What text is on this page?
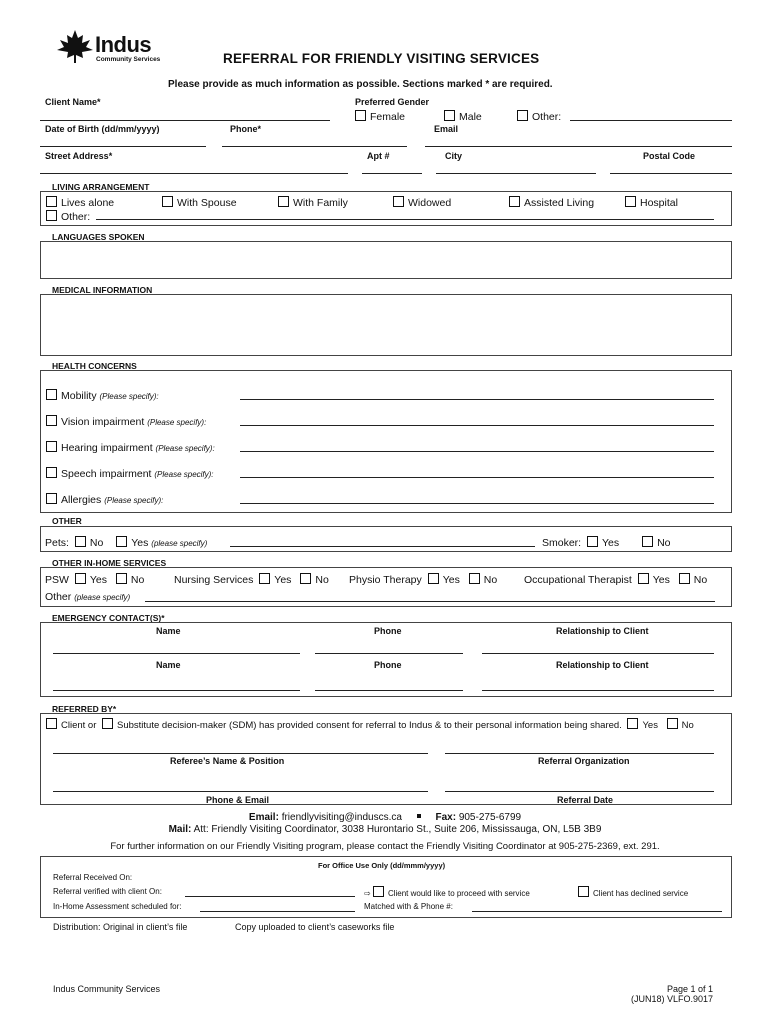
Indus
Community Services	REFERRAL FOR FRIENDLY VISITING SERVICES
Please provide as much information as possible. Sections marked * are required.
Client Name*	Preferred Gender
Female	Male	Other:
Date of Birth (dd/mm/yyyy)	Phone*	Email
Street Address*	Apt #	City	Postal Code
LIVING ARRANGEMENT
Lives alone	With Spouse	With Family	Widowed	Assisted Living	Hospital
Other:
LANGUAGES SPOKEN
MEDICAL INFORMATION
HEALTH CONCERNS
Mobility (Please specify):
Vision impairment (Please specify):
Hearing impairment (Please specify):
Speech impairment (Please specify):
Allergies (Please specify):
OTHER
Pets: No	Yes (please specify)	Smoker: Yes	No
OTHER IN-HOME SERVICES
PSW Yes No	Nursing Services Yes No Physio Therapy Yes No	Occupational Therapist Yes No
Other (please specify)
EMERGENCY CONTACT(S)*
Name	Phone	Relationship to Client
Name	Phone	Relationship to Client
REFERRED BY*
Client or Substitute decision-maker (SDM) has provided consent for referral to Indus & to their personal information being shared. Yes No
Referee’s Name & Position	Referral Organization
Phone & Email	Referral Date
Email: friendlyvisiting@induscs.ca	Fax: 905-275-6799
Mail: Att: Friendly Visiting Coordinator, 3038 Hurontario St., Suite 206, Mississauga, ON, L5B 3B9
For further information on our Friendly Visiting program, please contact the Friendly Visiting Coordinator at 905-275-2369, ext. 291.
For Office Use Only (dd/mmm/yyyy)
Referral Received On:
Referral verified with client On:	⇨ Client would like to proceed with service	Client has declined service
In-Home Assessment scheduled for:	Matched with & Phone #:
Distribution: Original in client’s file	Copy uploaded to client’s caseworks file
Indus Community Services	Page 1 of 1
(JUN18) VLFO.9017
